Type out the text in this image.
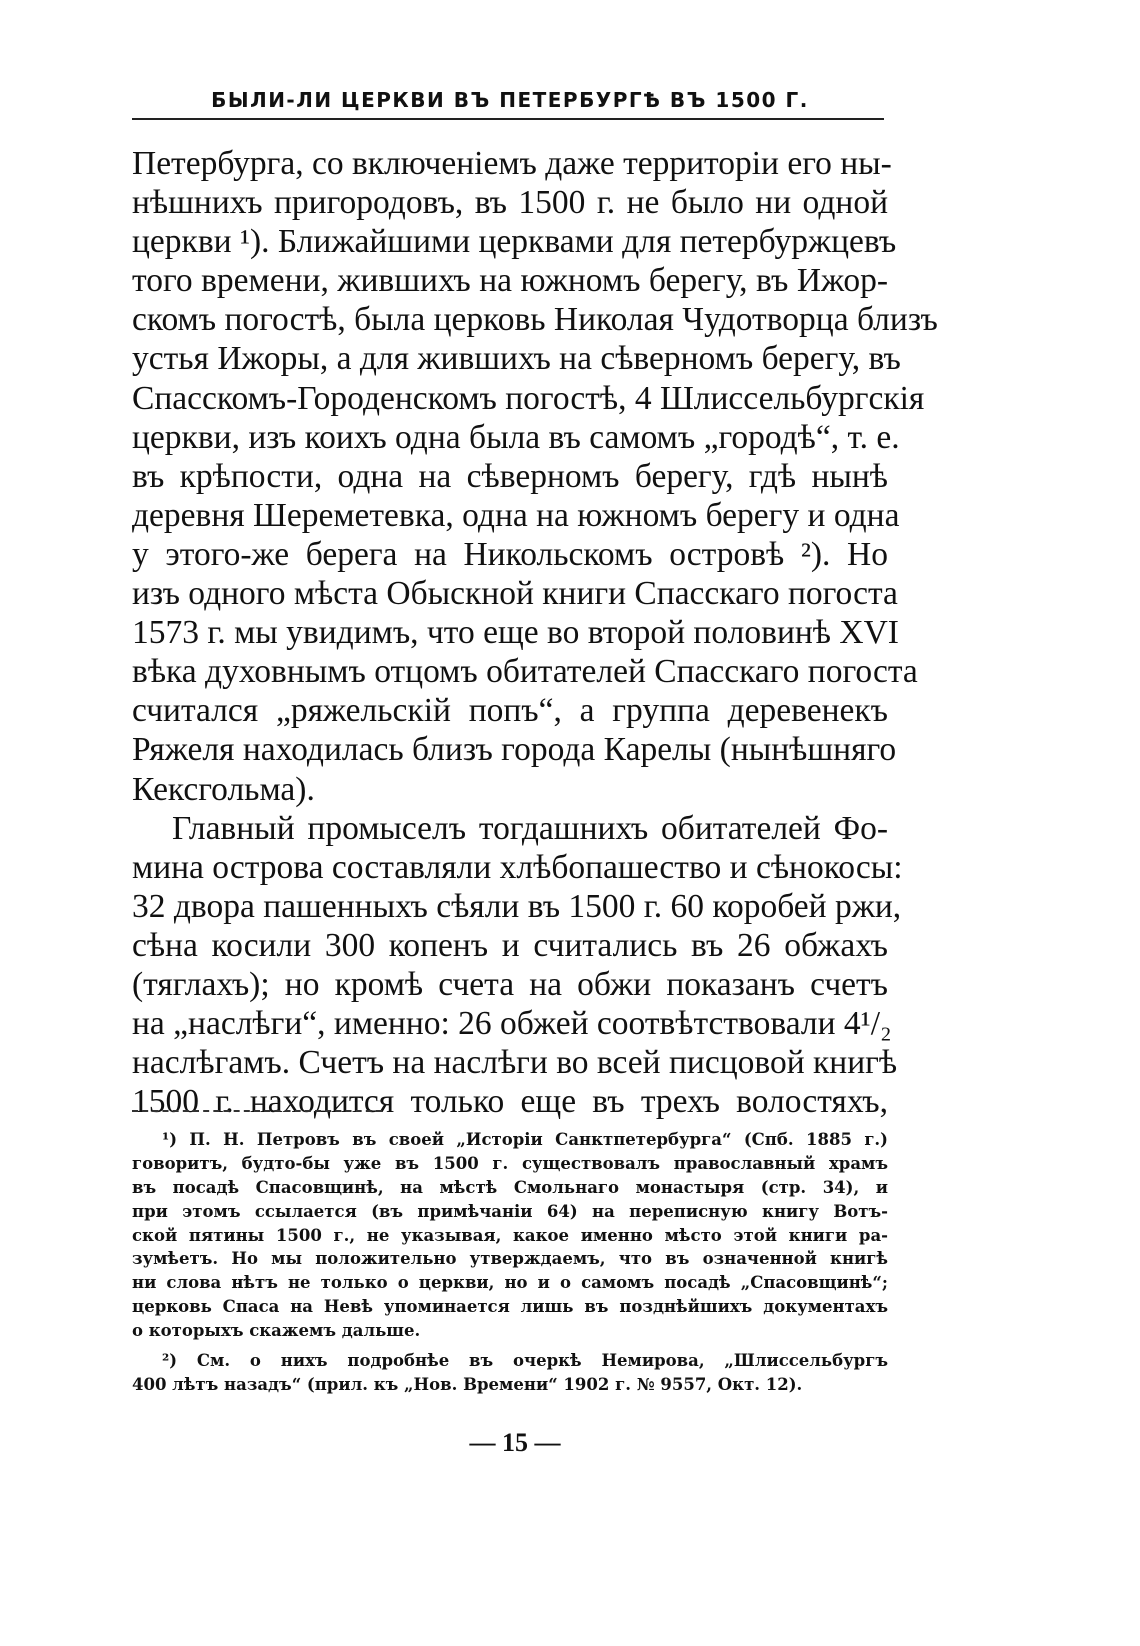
БЫЛИ-ЛИ ЦЕРКВИ ВЪ ПЕТЕРБУРГѢ ВЪ 1500 Г.
Петербурга, со включеніемъ даже территоріи его ны-
нѣшнихъ пригородовъ, въ 1500 г. не было ни одной
церкви ¹). Ближайшими церквами для петербуржцевъ
того времени, жившихъ на южномъ берегу, въ Ижор-
скомъ погостѣ, была церковь Николая Чудотворца близъ
устья Ижоры, а для жившихъ на сѣверномъ берегу, въ
Спасскомъ-Городенскомъ погостѣ, 4 Шлиссельбургскія
церкви, изъ коихъ одна была въ самомъ „городѣ“, т. е.
въ крѣпости, одна на сѣверномъ берегу, гдѣ нынѣ
деревня Шереметевка, одна на южномъ берегу и одна
у этого-же берега на Никольскомъ островѣ ²). Но
изъ одного мѣста Обыскной книги Спасскаго погоста
1573 г. мы увидимъ, что еще во второй половинѣ XVI
вѣка духовнымъ отцомъ обитателей Спасскаго погоста
считался „ряжельскій попъ“, а группа деревенекъ
Ряжеля находилась близъ города Карелы (нынѣшняго
Кексгольма).
Главный промыселъ тогдашнихъ обитателей Фо-
мина острова составляли хлѣбопашество и сѣнокосы:
32 двора пашенныхъ сѣяли въ 1500 г. 60 коробей ржи,
сѣна косили 300 копенъ и считались въ 26 обжахъ
(тяглахъ); но кромѣ счета на обжи показанъ счетъ
на „наслѣги“, именно: 26 обжей соотвѣтствовали 4¹/₂
наслѣгамъ. Счетъ на наслѣги во всей писцовой книгѣ
1500 г. находится только еще въ трехъ волостяхъ,
¹) П. Н. Петровъ въ своей „Исторіи Санктпетербурга“ (Спб. 1885 г.)
говоритъ, будто-бы уже въ 1500 г. существовалъ православный храмъ
въ посадѣ Спасовщинѣ, на мѣстѣ Смольнаго монастыря (стр. 34), и
при этомъ ссылается (въ примѣчаніи 64) на переписную книгу Вотъ-
ской пятины 1500 г., не указывая, какое именно мѣсто этой книги ра-
зумѣетъ. Но мы положительно утверждаемъ, что въ означенной книгѣ
ни слова нѣтъ не только о церкви, но и о самомъ посадѣ „Спасовщинѣ“;
церковь Спаса на Невѣ упоминается лишь въ позднѣйшихъ документахъ
о которыхъ скажемъ дальше.
²) См. о нихъ подробнѣе въ очеркѣ Немирова, „Шлиссельбургъ
400 лѣтъ назадъ“ (прил. къ „Нов. Времени“ 1902 г. № 9557, Окт. 12).
— 15 —
